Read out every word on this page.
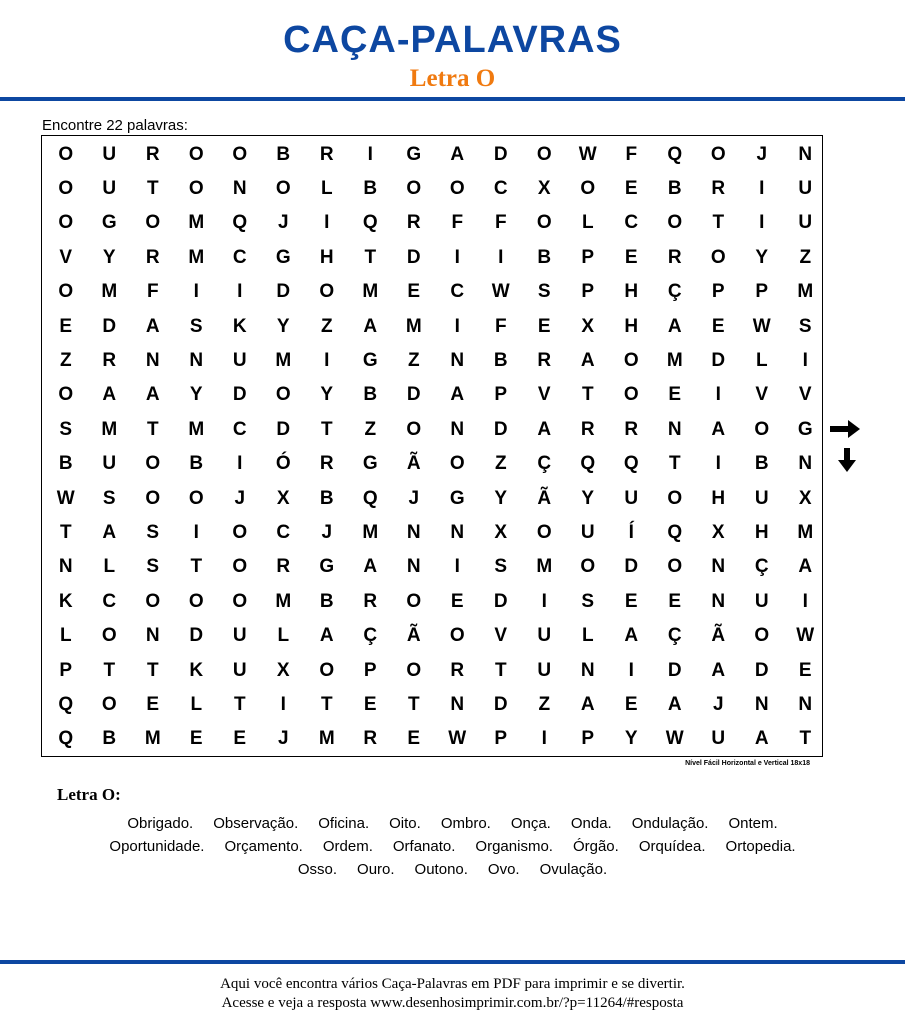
CAÇA-PALAVRAS
Letra O
Encontre 22 palavras:
O	U	R	O	O	B	R	I	G	A	D	O	W	F	Q	O	J	N
O	U	T	O	N	O	L	B	O	O	C	X	O	E	B	R	I	U
O	G	O	M	Q	J	I	Q	R	F	F	O	L	C	O	T	I	U
V	Y	R	M	C	G	H	T	D	I	I	B	P	E	R	O	Y	Z
O	M	F	I	I	D	O	M	E	C	W	S	P	H	Ç	P	P	M
E	D	A	S	K	Y	Z	A	M	I	F	E	X	H	A	E	W	S
Z	R	N	N	U	M	I	G	Z	N	B	R	A	O	M	D	L	I
O	A	A	Y	D	O	Y	B	D	A	P	V	T	O	E	I	V	V
S	M	T	M	C	D	T	Z	O	N	D	A	R	R	N	A	O	G
B	U	O	B	I	Ó	R	G	Ã	O	Z	Ç	Q	Q	T	I	B	N
W	S	O	O	J	X	B	Q	J	G	Y	Ã	Y	U	O	H	U	X
T	A	S	I	O	C	J	M	N	N	X	O	U	Í	Q	X	H	M
N	L	S	T	O	R	G	A	N	I	S	M	O	D	O	N	Ç	A
K	C	O	O	O	M	B	R	O	E	D	I	S	E	E	N	U	I
L	O	N	D	U	L	A	Ç	Ã	O	V	U	L	A	Ç	Ã	O	W
P	T	T	K	U	X	O	P	O	R	T	U	N	I	D	A	D	E
Q	O	E	L	T	I	T	E	T	N	D	Z	A	E	A	J	N	N
Q	B	M	E	E	J	M	R	E	W	P	I	P	Y	W	U	A	T
Nível Fácil Horizontal e Vertical 18x18
Letra O:
Obrigado. Observação. Oficina. Oito. Ombro. Onça. Onda. Ondulação. Ontem.
Oportunidade. Orçamento. Ordem. Orfanato. Organismo. Órgão. Orquídea. Ortopedia.
Osso. Ouro. Outono. Ovo. Ovulação.
Aqui você encontra vários Caça-Palavras em PDF para imprimir e se divertir.
Acesse e veja a resposta www.desenhosimprimir.com.br/?p=11264/#resposta
